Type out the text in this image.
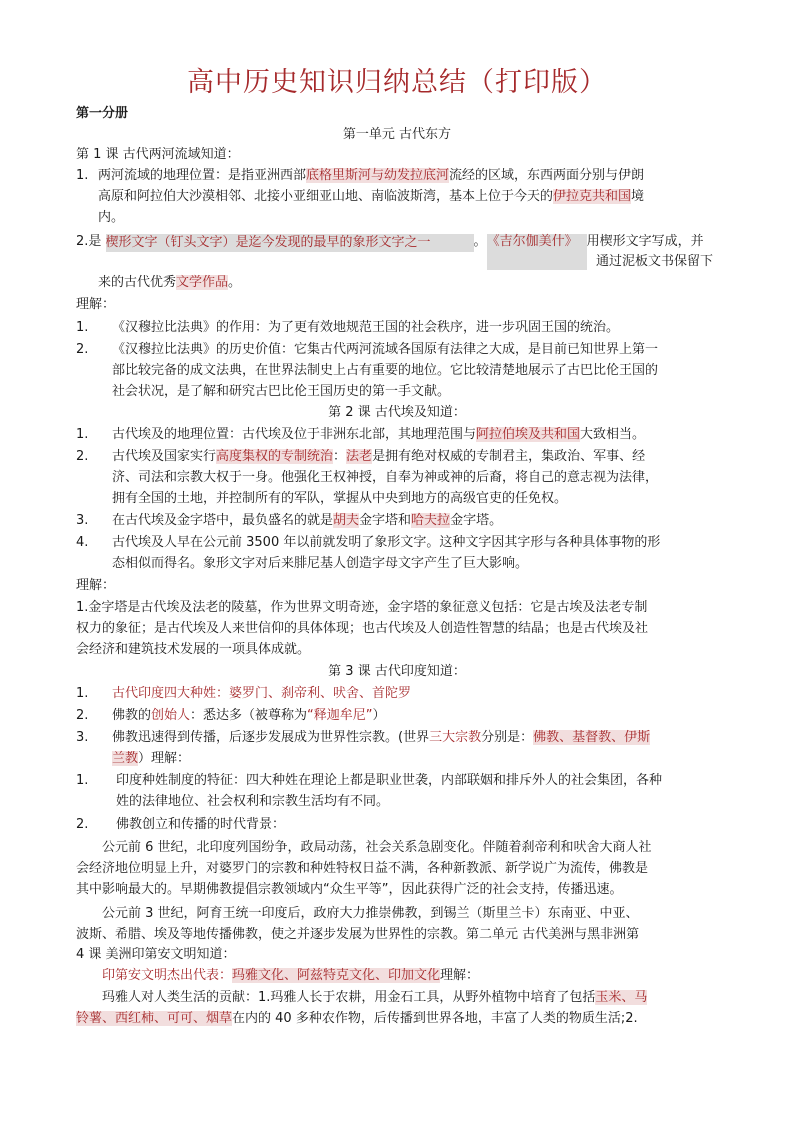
高中历史知识归纳总结（打印版）
第一分册
第一单元 古代东方
第 1 课 古代两河流域知道：
1. 两河流域的地理位置：是指亚洲西部底格里斯河与幼发拉底河流经的区域，东西两面分别与伊朗
高原和阿拉伯大沙漠相邻、北接小亚细亚山地、南临波斯湾，基本上位于今天的伊拉克共和国境
内。
2.是 楔形文字（钉头文字）是迄今发现的最早的象形文字之一	。《吉尔伽美什》 用楔形文字写成，并
通过泥板文书保留下
来的古代优秀文学作品。
理解：
1. 《汉穆拉比法典》的作用：为了更有效地规范王国的社会秩序，进一步巩固王国的统治。
2. 《汉穆拉比法典》的历史价值：它集古代两河流域各国原有法律之大成，是目前已知世界上第一
部比较完备的成文法典，在世界法制史上占有重要的地位。它比较清楚地展示了古巴比伦王国的
社会状况，是了解和研究古巴比伦王国历史的第一手文献。
第 2 课 古代埃及知道：
1. 古代埃及的地理位置：古代埃及位于非洲东北部，其地理范围与阿拉伯埃及共和国大致相当。
2. 古代埃及国家实行高度集权的专制统治：法老是拥有绝对权威的专制君主，集政治、军事、经
济、司法和宗教大权于一身。他强化王权神授，自奉为神或神的后裔，将自己的意志视为法律，
拥有全国的土地，并控制所有的军队，掌握从中央到地方的高级官吏的任免权。
3. 在古代埃及金字塔中，最负盛名的就是胡夫金字塔和哈夫拉金字塔。
4. 古代埃及人早在公元前 3500 年以前就发明了象形文字。这种文字因其字形与各种具体事物的形
态相似而得名。象形文字对后来腓尼基人创造字母文字产生了巨大影响。
理解：
1.金字塔是古代埃及法老的陵墓，作为世界文明奇迹，金字塔的象征意义包括：它是古埃及法老专制
权力的象征；是古代埃及人来世信仰的具体体现；也古代埃及人创造性智慧的结晶；也是古代埃及社
会经济和建筑技术发展的一项具体成就。
第 3 课 古代印度知道：
1. 古代印度四大种姓：婆罗门、刹帝利、吠舍、首陀罗
2. 佛教的创始人：悉达多（被尊称为“释迦牟尼”）
3. 佛教迅速得到传播，后逐步发展成为世界性宗教。(世界三大宗教分别是：佛教、基督教、伊斯
兰教）理解：
1. 印度种姓制度的特征：四大种姓在理论上都是职业世袭，内部联姻和排斥外人的社会集团，各种
姓的法律地位、社会权利和宗教生活均有不同。
2. 佛教创立和传播的时代背景：
公元前 6 世纪，北印度列国纷争，政局动荡，社会关系急剧变化。伴随着刹帝利和吠舍大商人社
会经济地位明显上升，对婆罗门的宗教和种姓特权日益不满，各种新教派、新学说广为流传，佛教是
其中影响最大的。早期佛教提倡宗教领域内“众生平等”，因此获得广泛的社会支持，传播迅速。
公元前 3 世纪，阿育王统一印度后，政府大力推崇佛教，到锡兰（斯里兰卡）东南亚、中亚、
波斯、希腊、埃及等地传播佛教，使之并逐步发展为世界性的宗教。第二单元 古代美洲与黑非洲第
4 课 美洲印第安文明知道：
印第安文明杰出代表：玛雅文化、阿兹特克文化、印加文化理解：
玛雅人对人类生活的贡献：1.玛雅人长于农耕，用金石工具，从野外植物中培育了包括玉米、马
铃薯、西红柿、可可、烟草在内的 40 多种农作物，后传播到世界各地，丰富了人类的物质生活;2.
